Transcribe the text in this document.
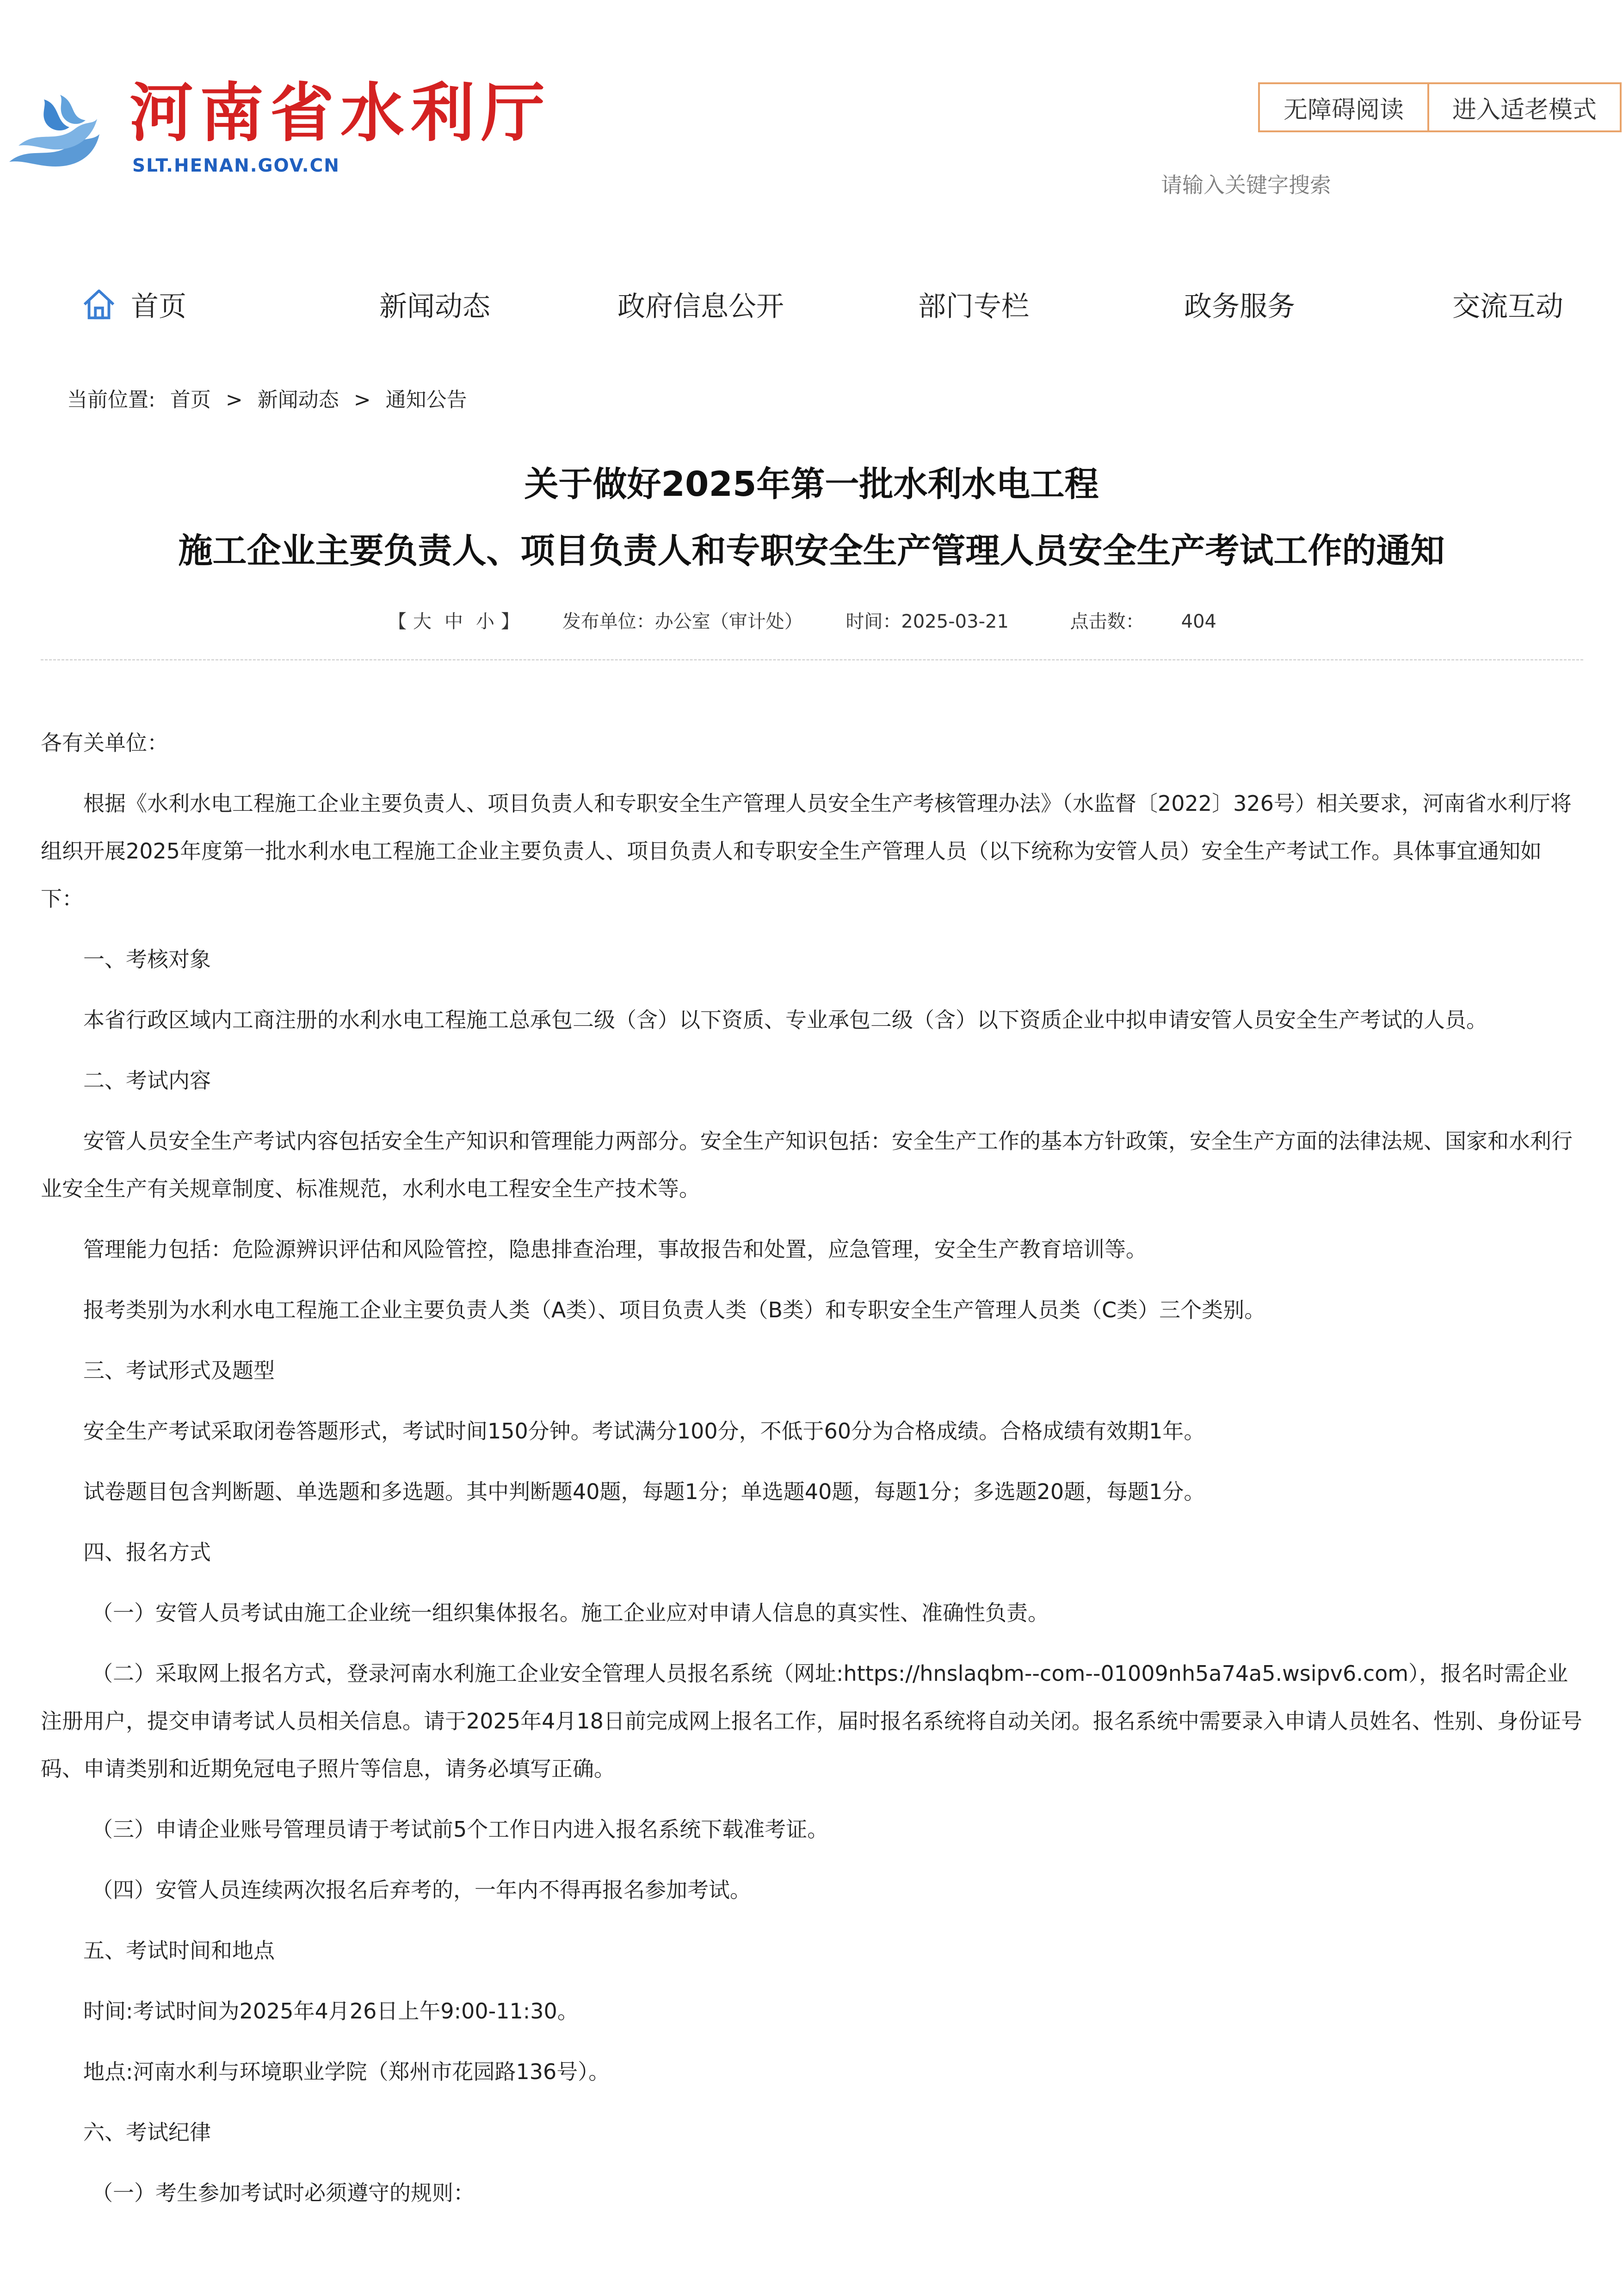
河南省水利厅

SLT.HENAN.GOV.CN

无障碍阅读	进入适老模式
请输入关键字搜索
首页	新闻动态	政府信息公开	部门专栏	政务服务	交流互动
当前位置: 首页 > 新闻动态 > 通知公告
关于做好2025年第一批水利水电工程
施工企业主要负责人、项目负责人和专职安全生产管理人员安全生产考试工作的通知
【 大 中 小 】 发布单位：办公室（审计处） 时间：2025-03-21	点击数： 404

各有关单位：

根据《水利水电工程施工企业主要负责人、项目负责人和专职安全生产管理人员安全生产考核管理办法》（水监督〔2022〕326号）相关要求，河南省水利厅将组织开展2025年度第一批水利水电工程施工企业主要负责人、项目负责人和专职安全生产管理人员（以下统称为安管人员）安全生产考试工作。具体事宜通知如下：

一、考核对象

本省行政区域内工商注册的水利水电工程施工总承包二级（含）以下资质、专业承包二级（含）以下资质企业中拟申请安管人员安全生产考试的人员。

二、考试内容

安管人员安全生产考试内容包括安全生产知识和管理能力两部分。安全生产知识包括：安全生产工作的基本方针政策，安全生产方面的法律法规、国家和水利行业安全生产有关规章制度、标准规范，水利水电工程安全生产技术等。

管理能力包括：危险源辨识评估和风险管控，隐患排查治理，事故报告和处置，应急管理，安全生产教育培训等。

报考类别为水利水电工程施工企业主要负责人类（A类）、项目负责人类（B类）和专职安全生产管理人员类（C类）三个类别。

三、考试形式及题型

安全生产考试采取闭卷答题形式，考试时间150分钟。考试满分100分，不低于60分为合格成绩。合格成绩有效期1年。

试卷题目包含判断题、单选题和多选题。其中判断题40题，每题1分；单选题40题，每题1分；多选题20题，每题1分。

四、报名方式

（一）安管人员考试由施工企业统一组织集体报名。施工企业应对申请人信息的真实性、准确性负责。

（二）采取网上报名方式，登录河南水利施工企业安全管理人员报名系统（网址:https://hnslaqbm--com--01009nh5a74a5.wsipv6.com），报名时需企业注册用户，提交申请考试人员相关信息。请于2025年4月18日前完成网上报名工作，届时报名系统将自动关闭。报名系统中需要录入申请人员姓名、性别、身份证号码、申请类别和近期免冠电子照片等信息，请务必填写正确。

（三）申请企业账号管理员请于考试前5个工作日内进入报名系统下载准考证。

（四）安管人员连续两次报名后弃考的，一年内不得再报名参加考试。

五、考试时间和地点

时间:考试时间为2025年4月26日上午9:00-11:30。

地点:河南水利与环境职业学院（郑州市花园路136号）。

六、考试纪律

（一）考生参加考试时必须遵守的规则：
